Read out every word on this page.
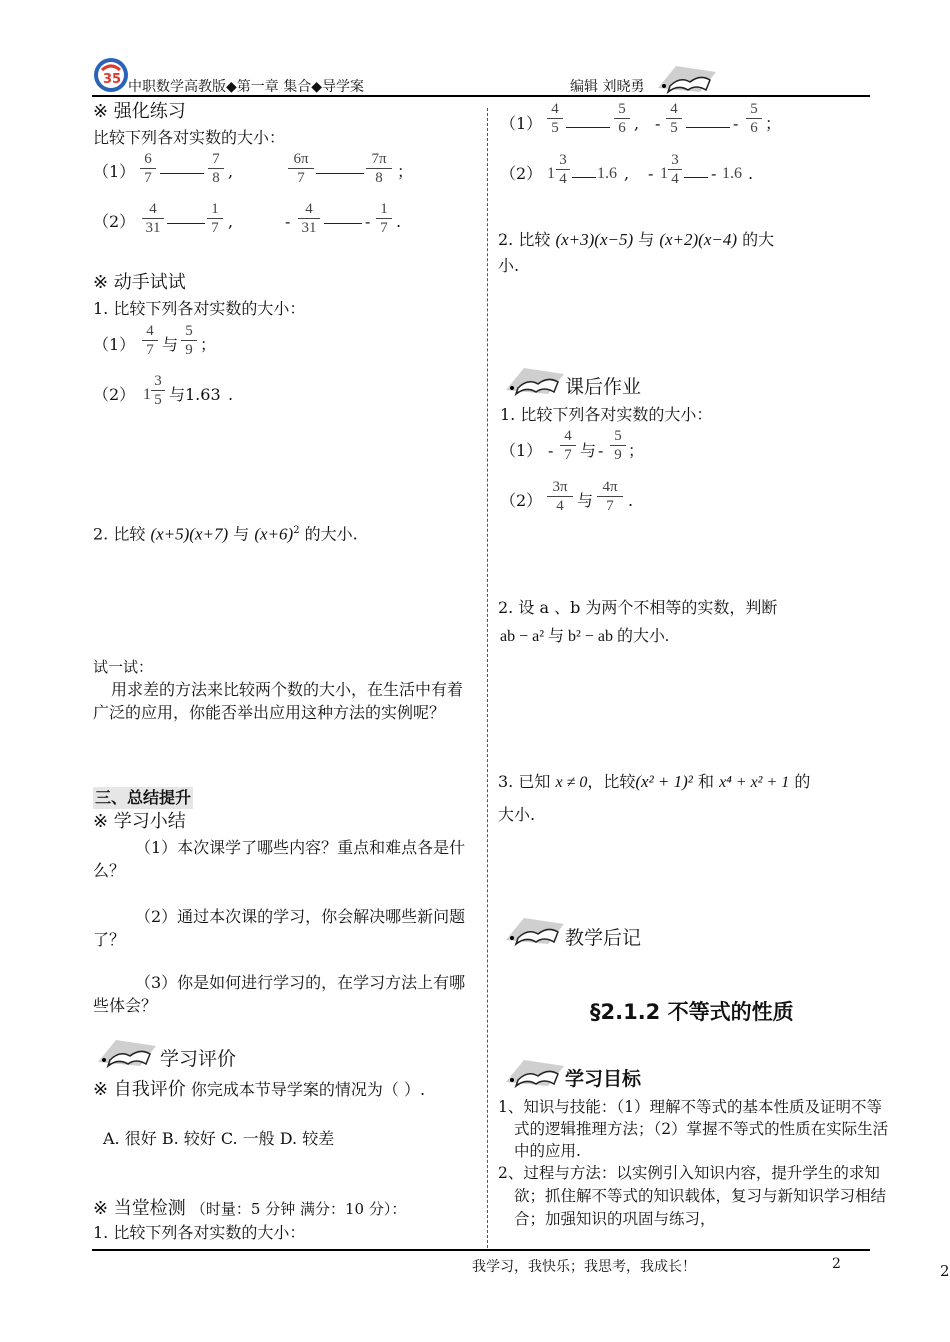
35 中职数学高教版◆第一章 集合◆导学案	编辑 刘晓勇
※ 强化练习
比较下列各对实数的大小：
$(1) \frac{6}{7}$	$\frac{7}{8}$ ,	$\frac{6\pi}{7}$	$\frac{7\pi}{8}$ ；
$(2) \frac{4}{31}$	$\frac{1}{7}$ ,	- $\frac{4}{31}$	- $\frac{1}{7}$ .
※ 动手试试
1. 比较下列各对实数的大小：
$(1) \frac{4}{7}$ 与 $\frac{5}{9}$ ；
（2） $1 \frac{3}{5}$ 与1.63 .
2. 比较 (x+5)(x+7) 与 $(x+6)^2$ 的大小.
试一试：
用求差的方法来比较两个数的大小，在生活中有着广泛的应用，你能否举出应用这种方法的实例呢？
三、总结提升
※ 学习小结
（1）本次课学了哪些内容？重点和难点各是什么？
（2）通过本次课的学习，你会解决哪些新问题了？
（3）你是如何进行学习的，在学习方法上有哪些体会？
学习评价
※ 自我评价 你完成本节导学案的情况为（ ）.
A. 很好 B. 较好 C. 一般 D. 较差
※ 当堂检测 （时量：5 分钟 满分：10 分）：
1. 比较下列各对实数的大小：
$(1) \frac{4}{5}$	$\frac{5}{6}$ , - $\frac{4}{5}$	- $\frac{5}{6}$ ；
（2） $1 \frac{3}{4} 1.6$ , - $1 \frac{3}{4} - 1.6$ .
2. 比较 (x+3)(x−5) 与 (x+2)(x−4) 的大
小.
课后作业
1. 比较下列各对实数的大小：
$(1) - \frac{4}{7}$ 与 - $\frac{5}{9}$ ；
$(2) \frac{3\pi}{4}$ 与 $\frac{4\pi}{7}$ .
2. 设 a 、b 为两个不相等的实数，判断
ab − a² 与 b² − ab 的大小.
3. 已知 x ≠ 0，比较(x² + 1)² 和 x⁴ + x² + 1 的
大小.
教学后记
§2.1.2 不等式的性质
学习目标
1、知识与技能：（1）理解不等式的基本性质及证明不等式的逻辑推理方法；（2）掌握不等式的性质在实际生活中的应用.
2、过程与方法：以实例引入知识内容，提升学生的求知欲；抓住解不等式的知识载体，复习与新知识学习相结合；加强知识的巩固与练习，
我学习，我快乐；我思考，我成长！	2	2
